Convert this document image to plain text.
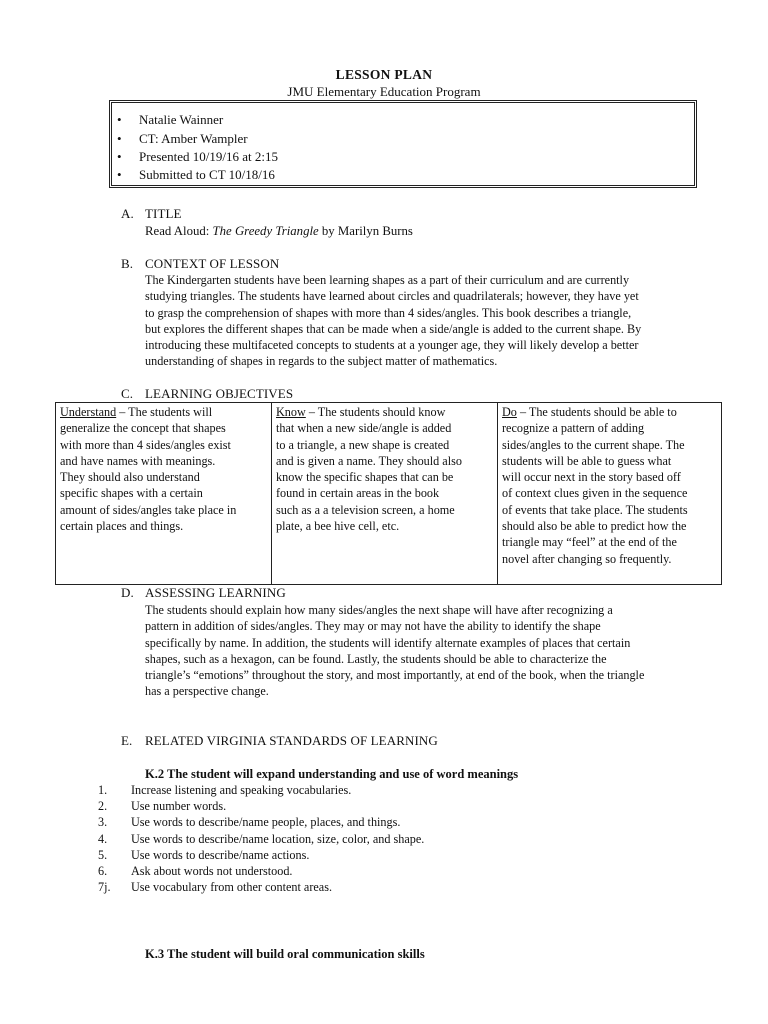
LESSON PLAN
JMU Elementary Education Program
• Natalie Wainner
• CT: Amber Wampler
• Presented 10/19/16 at 2:15
• Submitted to CT 10/18/16
A. TITLE
Read Aloud: The Greedy Triangle by Marilyn Burns
B. CONTEXT OF LESSON
The Kindergarten students have been learning shapes as a part of their curriculum and are currently
studying triangles. The students have learned about circles and quadrilaterals; however, they have yet
to grasp the comprehension of shapes with more than 4 sides/angles. This book describes a triangle,
but explores the different shapes that can be made when a side/angle is added to the current shape. By
introducing these multifaceted concepts to students at a younger age, they will likely develop a better
understanding of shapes in regards to the subject matter of mathematics.
C. LEARNING OBJECTIVES
Understand – The students will
generalize the concept that shapes
with more than 4 sides/angles exist
and have names with meanings.
They should also understand
specific shapes with a certain
amount of sides/angles take place in
certain places and things.

Know – The students should know
that when a new side/angle is added
to a triangle, a new shape is created
and is given a name. They should also
know the specific shapes that can be
found in certain areas in the book
such as a a television screen, a home
plate, a bee hive cell, etc.

Do – The students should be able to
recognize a pattern of adding
sides/angles to the current shape. The
students will be able to guess what
will occur next in the story based off
of context clues given in the sequence
of events that take place. The students
should also be able to predict how the
triangle may “feel” at the end of the
novel after changing so frequently.
D. ASSESSING LEARNING
The students should explain how many sides/angles the next shape will have after recognizing a
pattern in addition of sides/angles. They may or may not have the ability to identify the shape
specifically by name. In addition, the students will identify alternate examples of places that certain
shapes, such as a hexagon, can be found. Lastly, the students should be able to characterize the
triangle’s “emotions” throughout the story, and most importantly, at end of the book, when the triangle
has a perspective change.
E. RELATED VIRGINIA STANDARDS OF LEARNING
K.2 The student will expand understanding and use of word meanings
1. Increase listening and speaking vocabularies.
2. Use number words.
3. Use words to describe/name people, places, and things.
4. Use words to describe/name location, size, color, and shape.
5. Use words to describe/name actions.
6. Ask about words not understood.
7j. Use vocabulary from other content areas.
K.3 The student will build oral communication skills
